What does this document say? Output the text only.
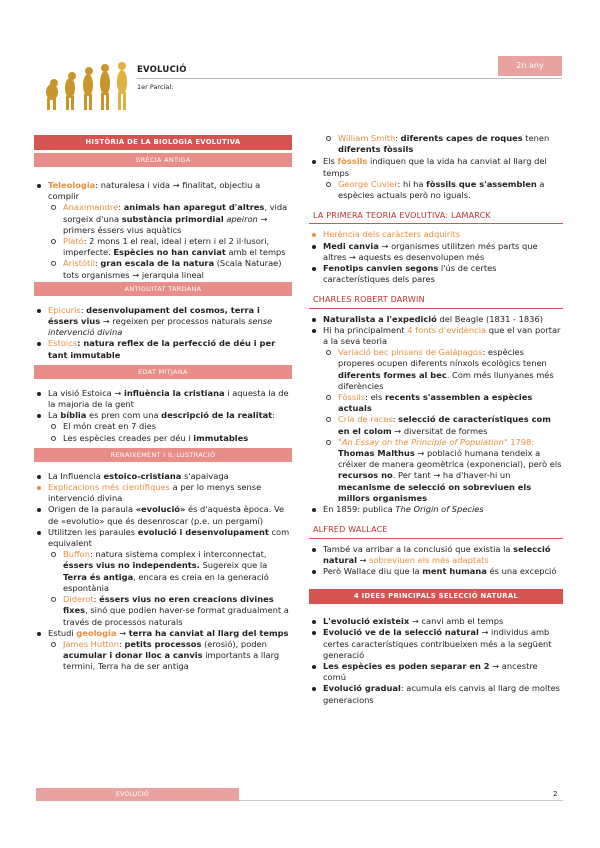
EVOLUCIÓ
1er Parcial:
2n any
HISTÒRIA DE LA BIOLOGIA EVOLUTIVA
GRÈCIA ANTIGA
Teleologia: naturalesa i vida → finalitat, objectiu a complir
Anaximandre: animals han aparegut d'altres, vida sorgeix d'una substància primordial apeiron → primers éssers vius aquàtics
Plató: 2 mons 1 el real, ideal i etern i el 2 il·lusori, imperfecte. Espècies no han canviat amb el temps
Aristòtil: gran escala de la natura (Scala Naturae) tots organismes → jerarquia lineal
ANTIGUITAT TARDANA
Epicuris: desenvolupament del cosmos, terra i éssers vius → regeixen per processos naturals sense intervenció divina
Estoics: natura reflex de la perfecció de déu i per tant immutable
EDAT MITJANA
La visió Estoica → influència la cristiana i aquesta la de la majoria de la gent
La bíblia es pren com una descripció de la realitat:
El món creat en 7 dies
Les espècies creades per déu i immutables
RENAIXEMENT I IL·LUSTRACIÓ
La Influencia estoico-cristiana s'apaivaga
Explicacions més científiques a per lo menys sense intervenció divina
Origen de la paraula «evolució» és d'aquesta època. Ve de «evolutio» que és desenroscar (p.e. un pergamí)
Utilitzen les paraules evolució i desenvolupament com equivalent
Buffon: natura sistema complex i interconnectat, éssers vius no independents. Sugereix que la Terra és antiga, encara es creia en la generació espontània
Diderot: éssers vius no eren creacions divines fixes, sinó que podien haver-se format gradualment a través de processos naturals
Estudi geologia → terra ha canviat al llarg del temps
James Hutton: petits processos (erosió), poden acumular i donar lloc a canvis importants a llarg termini, Terra ha de ser antiga
William Smith: diferents capes de roques tenen diferents fòssils
Els fòssils indiquen que la vida ha canviat al llarg del temps
George Cuvier: hi ha fòssils que s'assemblen a espècies actuals però no iguals.
LA PRIMERA TEORIA EVOLUTIVA: LAMARCK
Herència dels caràcters adquirits
Medi canvia → organismes utilitzen més parts que altres → aquests es desenvolupen més
Fenotips canvien segons l'ús de certes característiques dels pares
CHARLES ROBERT DARWIN
Naturalista a l'expedició del Beagle (1831 - 1836)
Hi ha principalment 4 fonts d'evidència que el van portar a la seva teoria
Variació bec pinsans de Galápagos: espècies properes ocupen diferents nínxols ecològics tenen diferents formes al bec. Com més llunyanes més diferències
Fòssils: els recents s'assemblen a espècies actuals
Cria de races: selecció de característiques com en el colom → diversitat de formes
"An Essay on the Principle of Population" 1798: Thomas Malthus → població humana tendeix a créixer de manera geomètrica (exponencial), però els recursos no. Per tant → ha d'haver-hi un mecanisme de selecció on sobreviuen els millors organismes
En 1859: publica The Origin of Species
ALFRED WALLACE
També va arribar a la conclusió que existia la selecció natural → sobreviuen els més adaptats
Però Wallace diu que la ment humana és una excepció
4 IDEES PRINCIPALS SELECCIÓ NATURAL
L'evolució existeix → canvi amb el temps
Evolució ve de la selecció natural → individus amb certes característiques contribueixen més a la següent generació
Les espècies es poden separar en 2 → ancestre comú
Evolució gradual: acumula els canvis al llarg de moltes generacions
EVOLUCIÓ	2
